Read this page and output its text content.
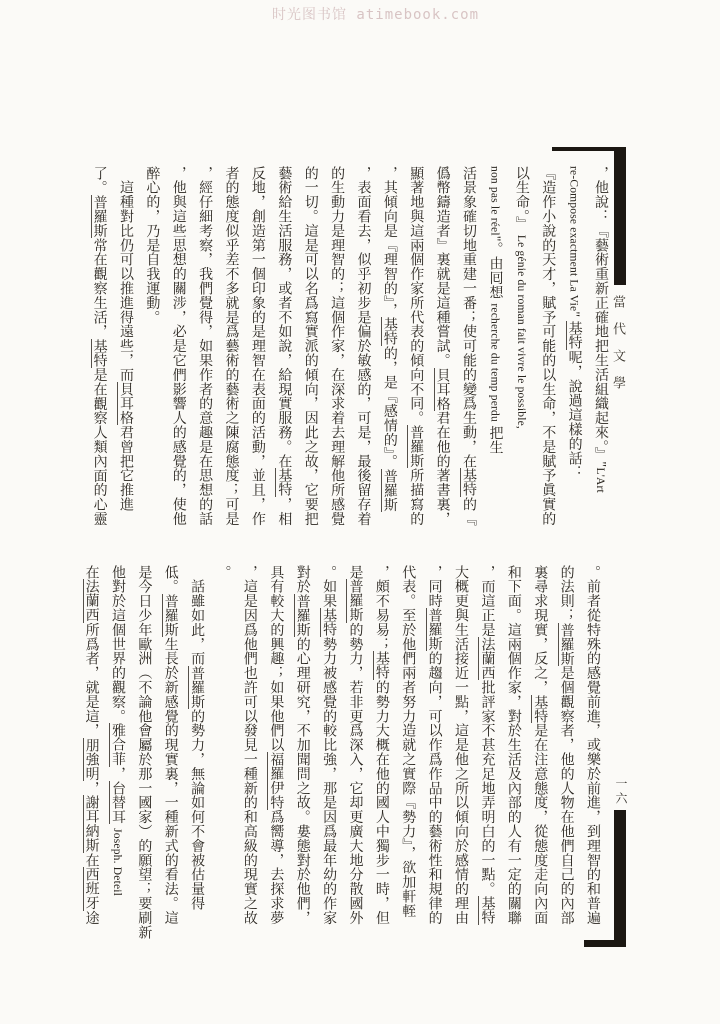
时光图书馆 atimebook.com
當代文學
一六
，他說：『藝術重新正確地把生活組織起來。』"L'Art
re-Compose exactment La Vie" 基特呢，說過這樣的話：
『造作小說的天才，賦予可能的以生命，不是賦予眞實的
以生命。』 Le génie du roman fait vivre le possible,
non pas le réel"。由囘想 recherche du temp perdu 把生
活景象確切地重建一番；使可能的變爲生動，在基特的『
僞幣鑄造者』裏就是這種嘗試。貝耳格君在他的著書裏，
顯著地與這兩個作家所代表的傾向不同。普羅斯所描寫的
，其傾向是『理智的』，基特的，是『感情的』。普羅斯
，表面看去，似乎初步是偏於敏感的，可是，最後留存着
的生動力是理智的；這個作家，在深求着去理解他所感覺
的一切。這是可以名爲寫實派的傾向，因此之故，它要把
藝術給生活服務，或者不如說，給現實服務。在基特，相
反地，創造第一個印象的是理智在表面的活動，並且，作
者的態度似乎差不多就是爲藝術的藝術之陳腐態度；可是
，經仔細考察，我們覺得，如果作者的意趣是在思想的話
，他與這些思想的關涉，必是它們影響人的感覺的，使他
醉心的，乃是自我運動。
　這種對比仍可以推進得遠些，而貝耳格君曾把它推進
了。普羅斯常在觀察生活，基特是在觀察人類內面的心靈
。前者從特殊的感覺前進，或樂於前進，到理智的和普遍
的法則；普羅斯是個觀察者，他的人物在他們自己的內部
裏尋求現實，反之，基特是在注意態度，從態度走向內面
和下面。這兩個作家，對於生活及內部的人有一定的關聯
，而這正是法蘭西批評家不甚充足地弄明白的一點。基特
大概更與生活接近一點，這是他之所以傾向於感情的理由
，同時普羅斯的趨向，可以作爲作品中的藝術性和規律的
代表。至於他們兩者努力造就之實際『勢力』，欲加軒輊
，頗不易易；基特的勢力大概在他的國人中獨步一時，但
是普羅斯的勢力，若非更爲深入，它却更廣大地分散國外
。如果基特勢力被感覺的較比強，那是因爲最年幼的作家
對於普羅斯的心理研究，不加聞問之故。婁態對於他們，
具有較大的興趣；如果他們以福羅伊特爲嚮導，去探求夢
，這是因爲他們也許可以發見一種新的和高級的現實之故
。
　話雖如此，而普羅斯的勢力，無論如何不會被估量得
低。普羅斯生長於新感覺的現實裏，一種新式的看法。這
是今日少年歐洲（不論他會屬於那一國家）的願望；要刷新
他對於這個世界的觀察。雅合菲，台替耳 Joseph. Deteil
在法蘭西所爲者，就是這，朋強明，謝耳納斯在西班牙途
